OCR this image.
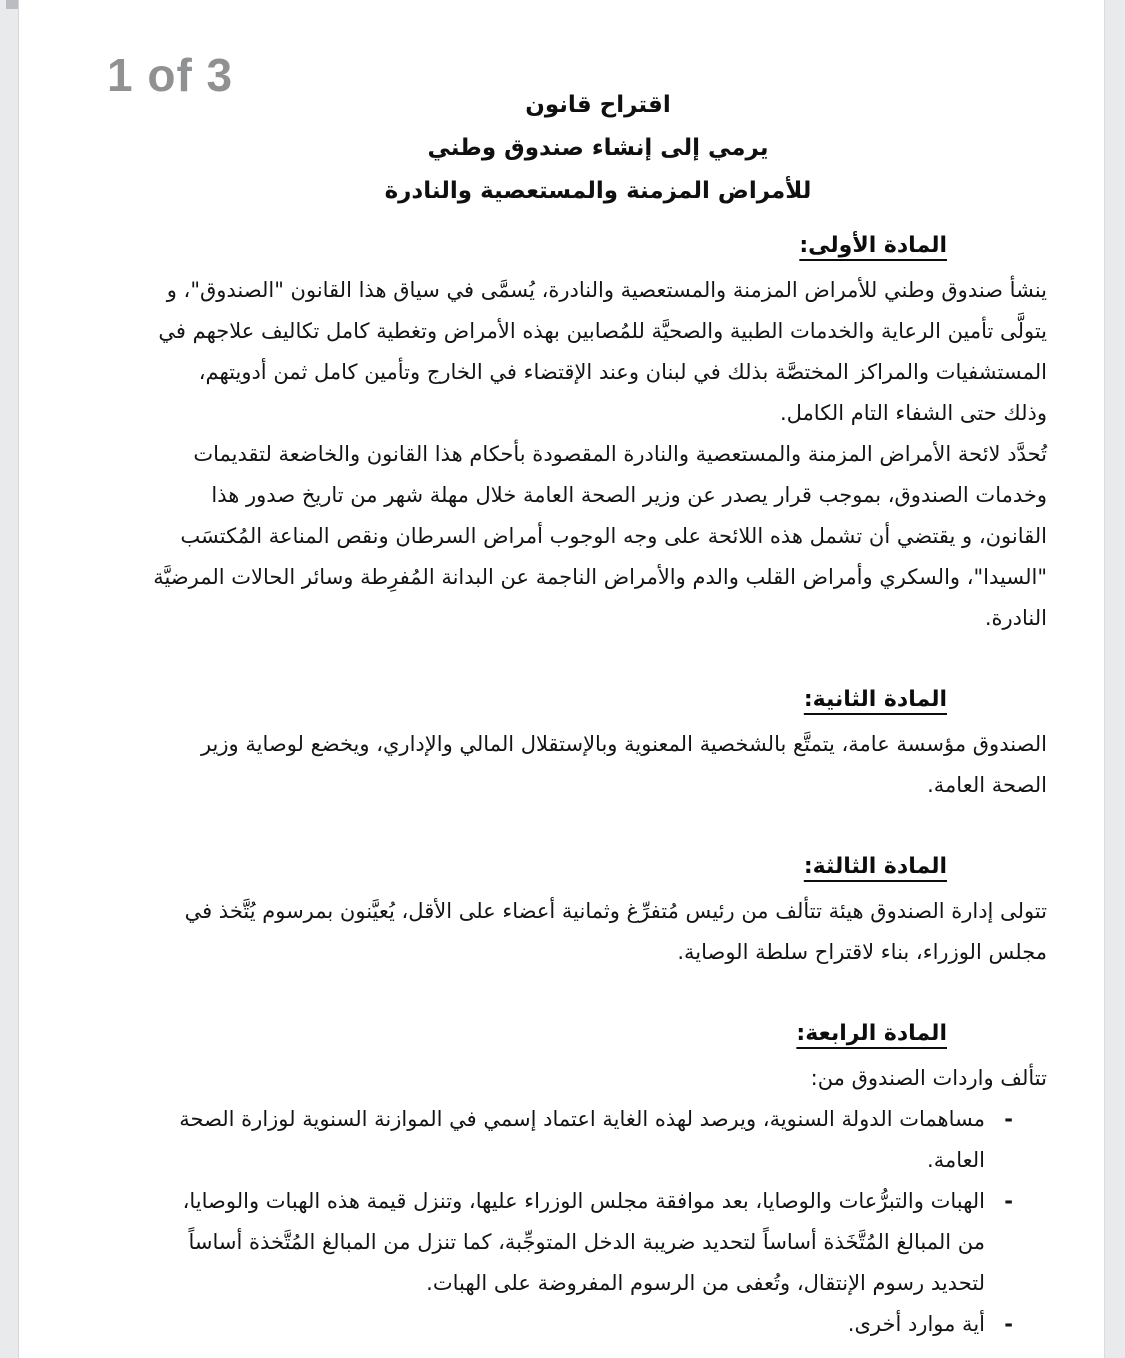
1 of 3
اقتراح قانون
يرمي إلى إنشاء صندوق وطني
للأمراض المزمنة والمستعصية والنادرة
المادة الأولى:

ينشأ صندوق وطني للأمراض المزمنة والمستعصية والنادرة، يُسمَّى في سياق هذا القانون "الصندوق"، و يتولَّى تأمين الرعاية والخدمات الطبية والصحيَّة للمُصابين بهذه الأمراض وتغطية كامل تكاليف علاجهم في المستشفيات والمراكز المختصَّة بذلك في لبنان وعند الإقتضاء في الخارج وتأمين كامل ثمن أدويتهم، وذلك حتى الشفاء التام الكامل.

تُحدَّد لائحة الأمراض المزمنة والمستعصية والنادرة المقصودة بأحكام هذا القانون والخاضعة لتقديمات وخدمات الصندوق، بموجب قرار يصدر عن وزير الصحة العامة خلال مهلة شهر من تاريخ صدور هذا القانون، و يقتضي أن تشمل هذه اللائحة على وجه الوجوب أمراض السرطان ونقص المناعة المُكتسَب "السيدا"، والسكري وأمراض القلب والدم والأمراض الناجمة عن البدانة المُفرِطة وسائر الحالات المرضيَّة النادرة.

المادة الثانية:

الصندوق مؤسسة عامة، يتمتَّع بالشخصية المعنوية وبالإستقلال المالي والإداري، ويخضع لوصاية وزير الصحة العامة.

المادة الثالثة:

تتولى إدارة الصندوق هيئة تتألف من رئيس مُتفرِّغ وثمانية أعضاء على الأقل، يُعيَّنون بمرسوم يُتَّخذ في مجلس الوزراء، بناء لاقتراح سلطة الوصاية.

المادة الرابعة:

تتألف واردات الصندوق من:

-
مساهمات الدولة السنوية، ويرصد لهذه الغاية اعتماد إسمي في الموازنة السنوية لوزارة الصحة العامة.
-
الهبات والتبرُّعات والوصايا، بعد موافقة مجلس الوزراء عليها، وتنزل قيمة هذه الهبات والوصايا، من المبالغ المُتَّخَذة أساساً لتحديد ضريبة الدخل المتوجِّبة، كما تنزل من المبالغ المُتَّخذة أساساً لتحديد رسوم الإنتقال، وتُعفى من الرسوم المفروضة على الهبات.
-
أية موارد أخرى.
